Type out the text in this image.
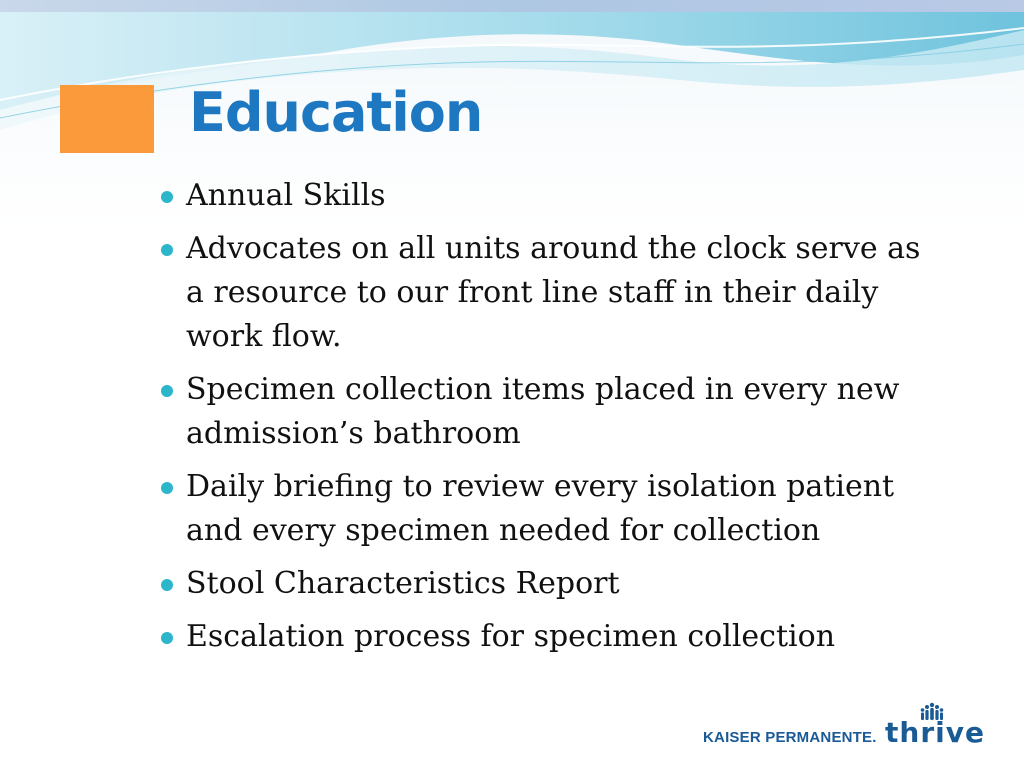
Education
Annual Skills
Advocates on all units around the clock serve as a resource to our front line staff in their daily work flow.
Specimen collection items placed in every new admission’s bathroom
Daily briefing to review every isolation patient and every specimen needed for collection
Stool Characteristics Report
Escalation process for specimen collection
KAISER PERMANENTE. thrive
